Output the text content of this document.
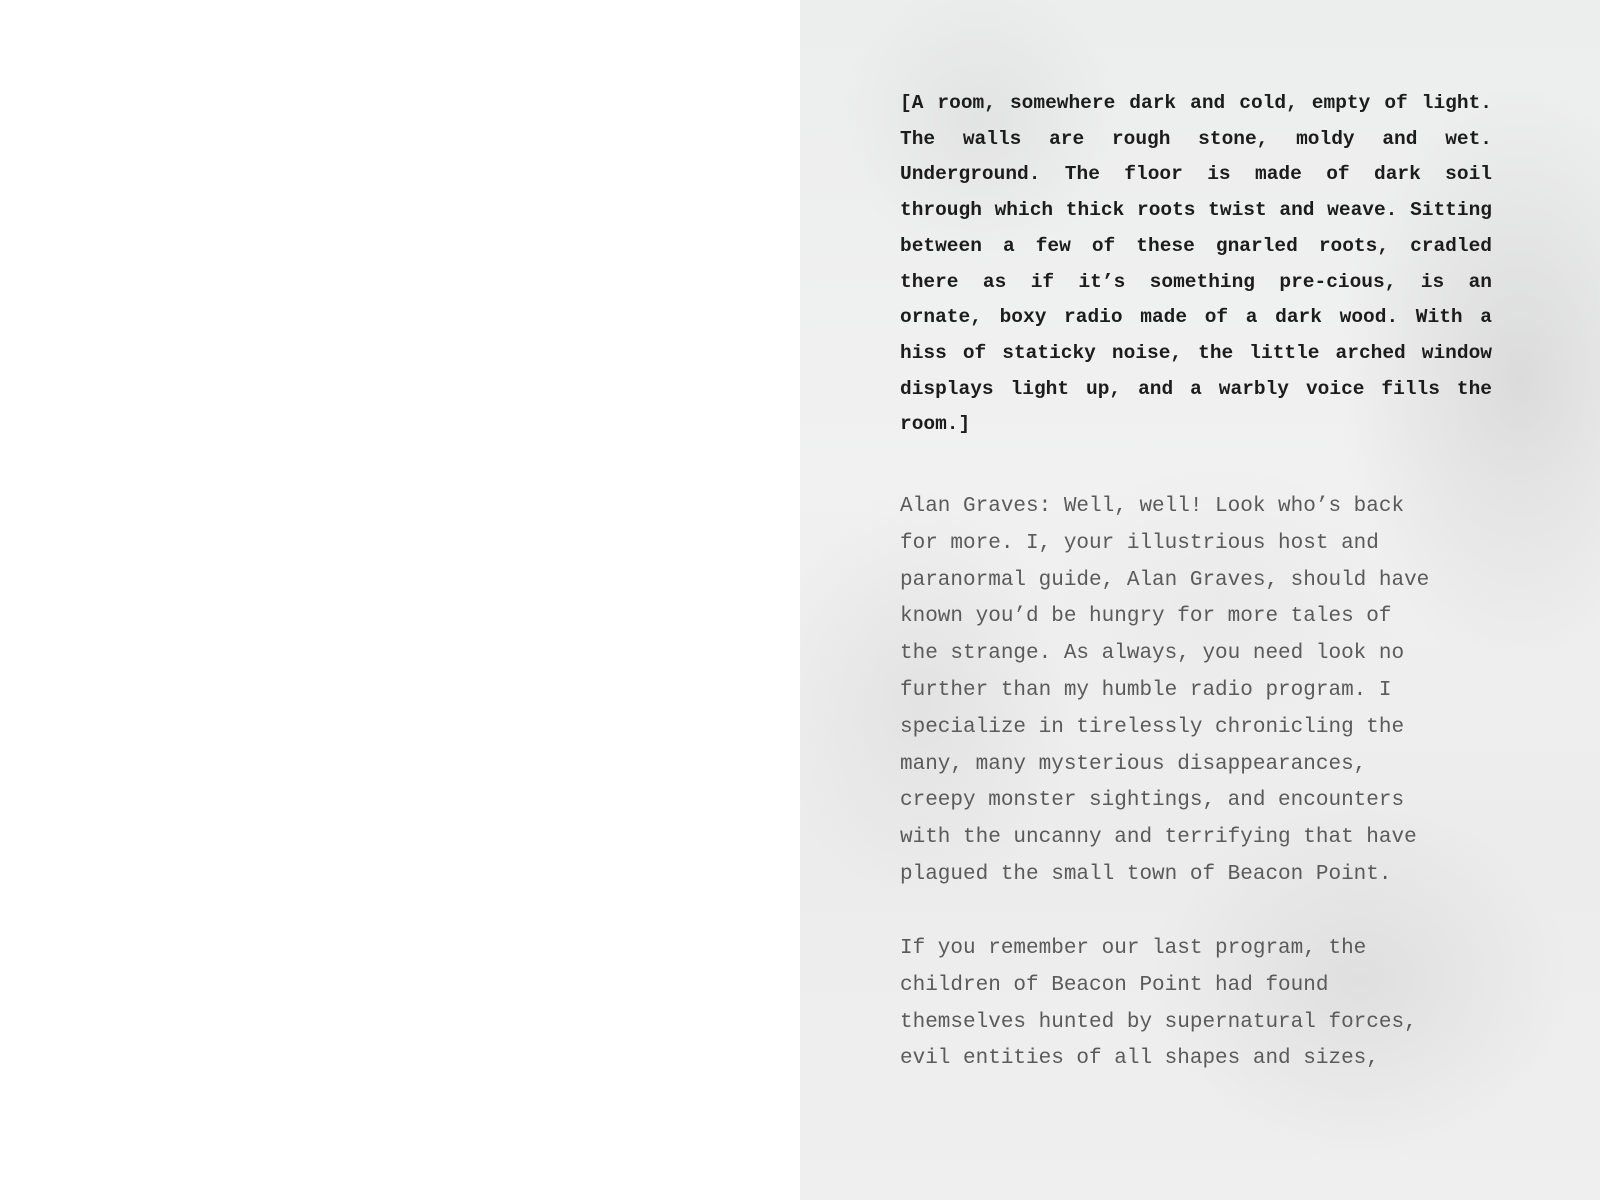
[A room, somewhere dark and cold, empty of light. The walls are rough stone, moldy and wet. Underground. The floor is made of dark soil through which thick roots twist and weave. Sitting between a few of these gnarled roots, cradled there as if it’s something pre-cious, is an ornate, boxy radio made of a dark wood. With a hiss of staticky noise, the little arched window displays light up, and a warbly voice fills the room.]

Alan Graves: Well, well! Look who’s back
for more. I, your illustrious host and
paranormal guide, Alan Graves, should have
known you’d be hungry for more tales of
the strange. As always, you need look no
further than my humble radio program. I
specialize in tirelessly chronicling the
many, many mysterious disappearances,
creepy monster sightings, and encounters
with the uncanny and terrifying that have
plagued the small town of Beacon Point.

If you remember our last program, the
children of Beacon Point had found
themselves hunted by supernatural forces,
evil entities of all shapes and sizes,
